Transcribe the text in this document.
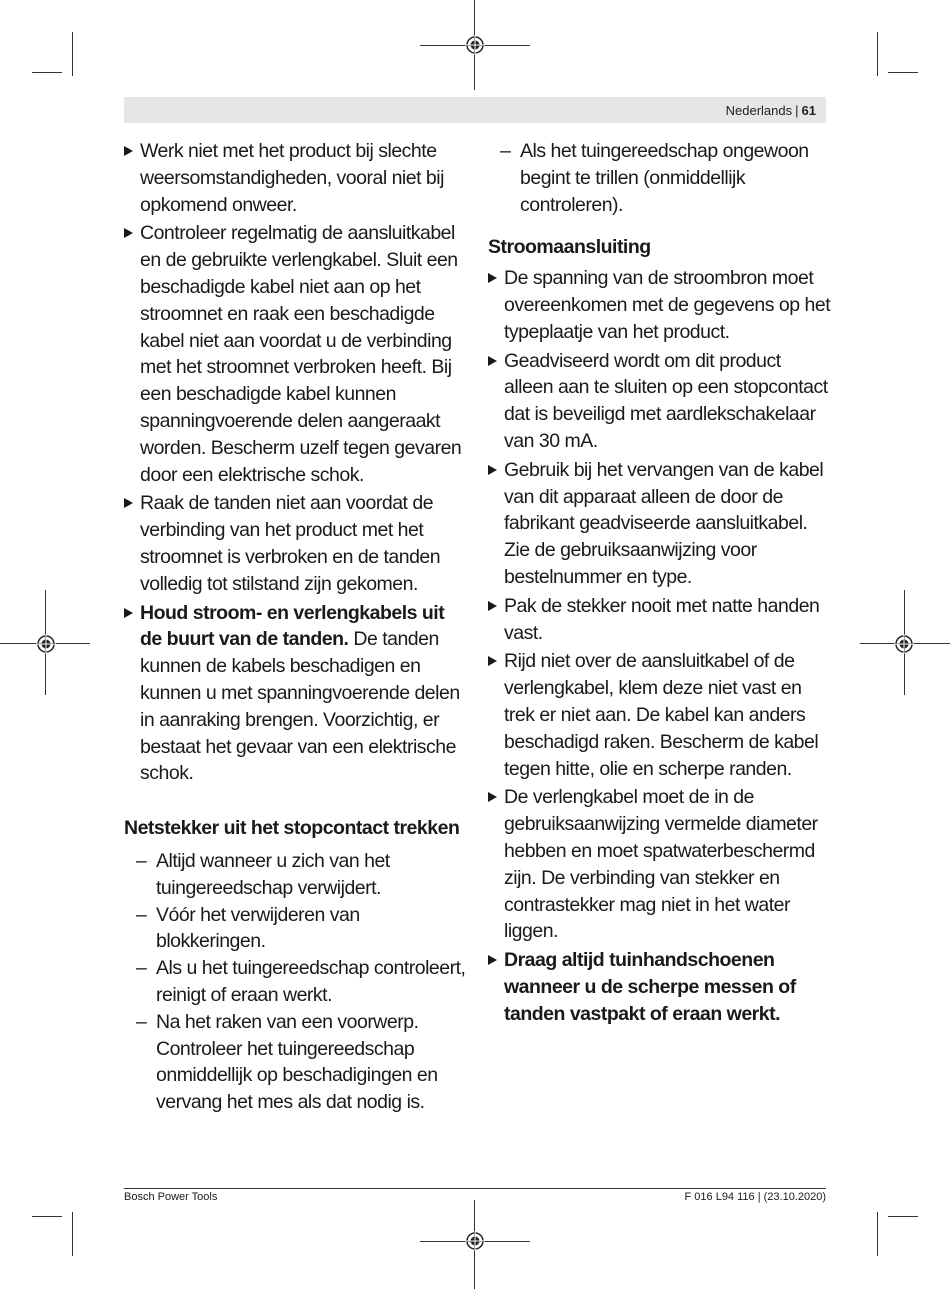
Nederlands | 61
Werk niet met het product bij slechte weersomstandigheden, vooral niet bij opkomend onweer.
Controleer regelmatig de aansluitkabel en de gebruikte verlengkabel. Sluit een beschadigde kabel niet aan op het stroomnet en raak een beschadigde kabel niet aan voordat u de verbinding met het stroomnet verbroken heeft. Bij een beschadigde kabel kunnen spanningvoerende delen aangeraakt worden. Bescherm uzelf tegen gevaren door een elektrische schok.
Raak de tanden niet aan voordat de verbinding van het product met het stroomnet is verbroken en de tanden volledig tot stilstand zijn gekomen.
Houd stroom- en verlengkabels uit de buurt van de tanden. De tanden kunnen de kabels beschadigen en kunnen u met spanningvoerende delen in aanraking brengen. Voorzichtig, er bestaat het gevaar van een elektrische schok.
Netstekker uit het stopcontact trekken
– Altijd wanneer u zich van het tuingereedschap verwijdert.
– Vóór het verwijderen van blokkeringen.
– Als u het tuingereedschap controleert, reinigt of eraan werkt.
– Na het raken van een voorwerp. Controleer het tuingereedschap onmiddellijk op beschadigingen en vervang het mes als dat nodig is.
– Als het tuingereedschap ongewoon begint te trillen (onmiddellijk controleren).
Stroomaansluiting
De spanning van de stroombron moet overeenkomen met de gegevens op het typeplaatje van het product.
Geadviseerd wordt om dit product alleen aan te sluiten op een stopcontact dat is beveiligd met aardlekschakelaar van 30 mA.
Gebruik bij het vervangen van de kabel van dit apparaat alleen de door de fabrikant geadviseerde aansluitkabel. Zie de gebruiksaanwijzing voor bestelnummer en type.
Pak de stekker nooit met natte handen vast.
Rijd niet over de aansluitkabel of de verlengkabel, klem deze niet vast en trek er niet aan. De kabel kan anders beschadigd raken. Bescherm de kabel tegen hitte, olie en scherpe randen.
De verlengkabel moet de in de gebruiksaanwijzing vermelde diameter hebben en moet spatwaterbeschermd zijn. De verbinding van stekker en contrastekker mag niet in het water liggen.
Draag altijd tuinhandschoenen wanneer u de scherpe messen of tanden vastpakt of eraan werkt.
Bosch Power Tools	F 016 L94 116 | (23.10.2020)
